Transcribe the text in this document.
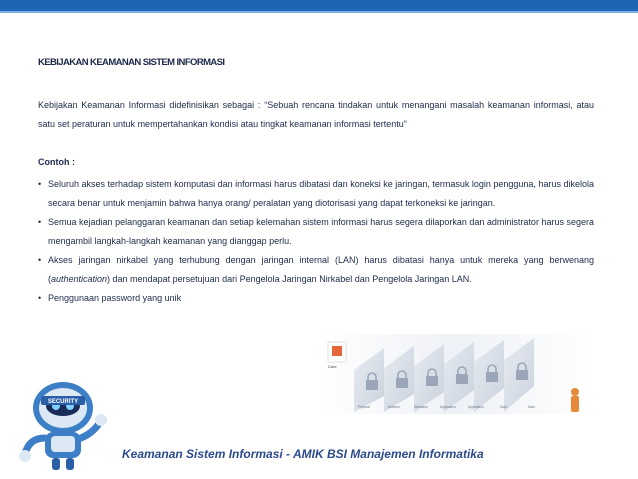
KEBIJAKAN KEAMANAN SISTEM INFORMASI
Kebijakan Keamanan Informasi didefinisikan sebagai : “Sebuah rencana tindakan untuk menangani masalah keamanan informasi, atau satu set peraturan untuk mempertahankan kondisi atau tingkat keamanan informasi tertentu”
Contoh :
• Seluruh akses terhadap sistem komputasi dan informasi harus dibatasi dan koneksi ke jaringan, termasuk login pengguna, harus dikelola secara benar untuk menjamin bahwa hanya orang/ peralatan yang diotorisasi yang dapat terkoneksi ke jaringan.
• Semua kejadian pelanggaran keamanan dan setiap kelemahan sistem informasi harus segera dilaporkan dan administrator harus segera mengambil langkah-langkah keamanan yang dianggap perlu.
• Akses jaringan nirkabel yang terhubung dengan jaringan internal (LAN) harus dibatasi hanya untuk mereka yang berwenang (authentication) dan mendapat persetujuan dari Pengelola Jaringan Nirkabel dan Pengelola Jaringan LAN.
• Penggunaan password yang unik
Data
Physical	Network	Database	Application	Application	Data	Data
SECURITY
Keamanan Sistem Informasi - AMIK BSI Manajemen Informatika
